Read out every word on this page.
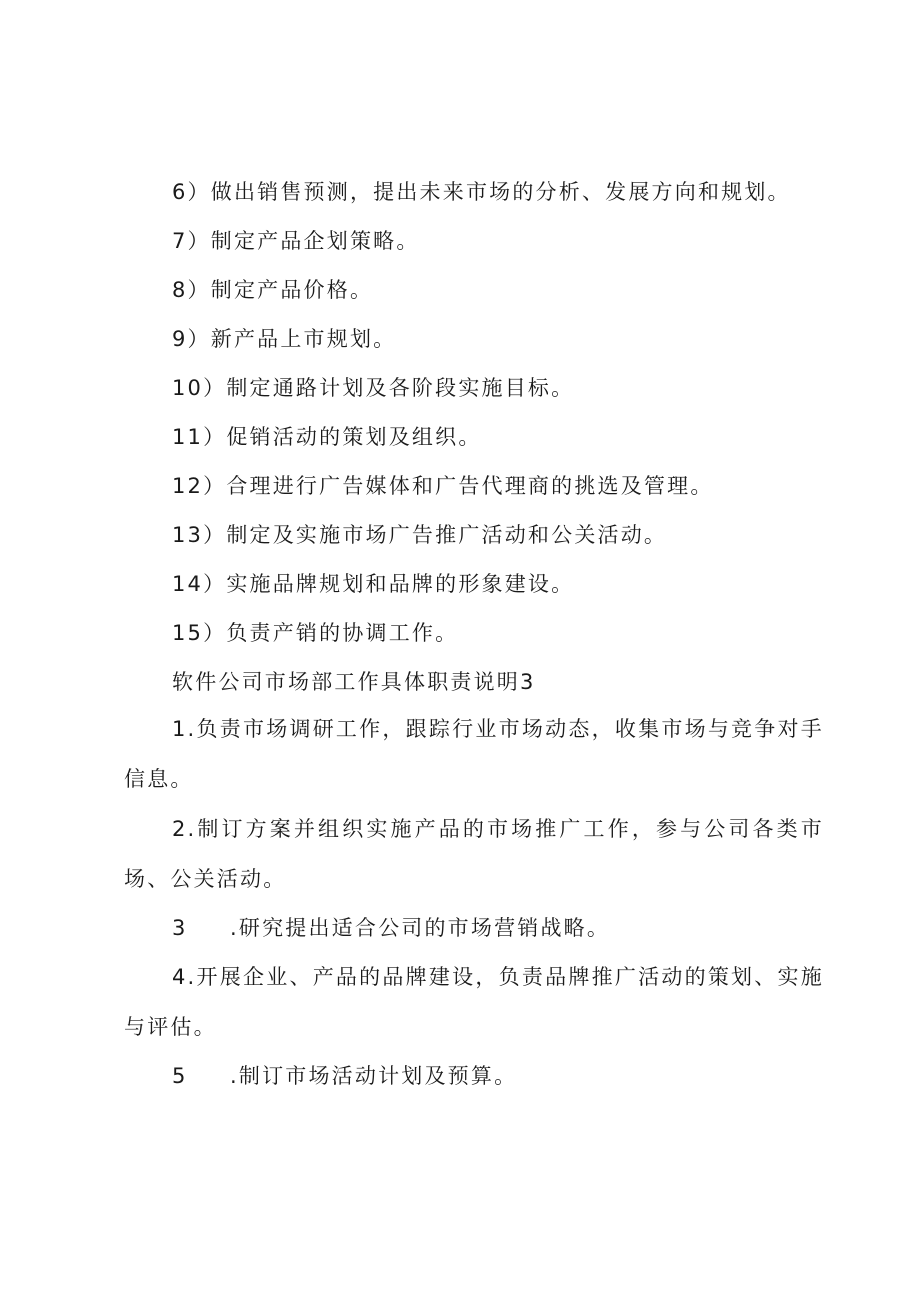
6）做出销售预测，提出未来市场的分析、发展方向和规划。
7）制定产品企划策略。
8）制定产品价格。
9）新产品上市规划。
10）制定通路计划及各阶段实施目标。
11）促销活动的策划及组织。
12）合理进行广告媒体和广告代理商的挑选及管理。
13）制定及实施市场广告推广活动和公关活动。
14）实施品牌规划和品牌的形象建设。
15）负责产销的协调工作。
软件公司市场部工作具体职责说明3
1.负责市场调研工作，跟踪行业市场动态，收集市场与竞争对手信息。
2.制订方案并组织实施产品的市场推广工作，参与公司各类市场、公关活动。
3 .研究提出适合公司的市场营销战略。
4.开展企业、产品的品牌建设，负责品牌推广活动的策划、实施与评估。
5 .制订市场活动计划及预算。
